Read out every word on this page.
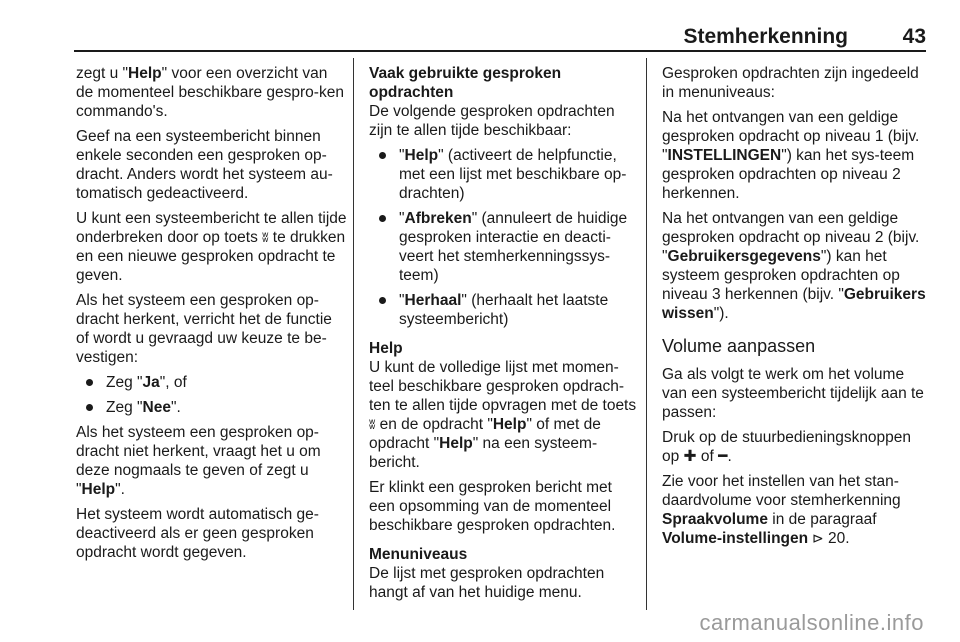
Stemherkenning	43

zegt u "Help" voor een overzicht van de momenteel beschikbare gespro-ken commando's.

Geef na een systeembericht binnen enkele seconden een gesproken op-dracht. Anders wordt het systeem au-tomatisch gedeactiveerd.

U kunt een systeembericht te allen tijde onderbreken door op toets ʬ te drukken en een nieuwe gesproken opdracht te geven.

Als het systeem een gesproken op-dracht herkent, verricht het de functie of wordt u gevraagd uw keuze te be-vestigen:

Zeg "Ja", of
Zeg "Nee".

Als het systeem een gesproken op-dracht niet herkent, vraagt het u om deze nogmaals te geven of zegt u "Help".

Het systeem wordt automatisch ge-deactiveerd als er geen gesproken opdracht wordt gegeven.

Vaak gebruikte gesproken opdrachten

De volgende gesproken opdrachten zijn te allen tijde beschikbaar:

"Help" (activeert de helpfunctie, met een lijst met beschikbare op-drachten)
"Afbreken" (annuleert de huidige gesproken interactie en deacti-veert het stemherkenningssys-teem)
"Herhaal" (herhaalt het laatste systeembericht)
Help

U kunt de volledige lijst met momen-teel beschikbare gesproken opdrach-ten te allen tijde opvragen met de toets ʬ en de opdracht "Help" of met de opdracht "Help" na een systeem-bericht.

Er klinkt een gesproken bericht met een opsomming van de momenteel beschikbare gesproken opdrachten.

Menuniveaus

De lijst met gesproken opdrachten hangt af van het huidige menu.

Gesproken opdrachten zijn ingedeeld in menuniveaus:

Na het ontvangen van een geldige gesproken opdracht op niveau 1 (bijv. "INSTELLINGEN") kan het sys-teem gesproken opdrachten op niveau 2 herkennen.

Na het ontvangen van een geldige gesproken opdracht op niveau 2 (bijv. "Gebruikersgegevens") kan het systeem gesproken opdrachten op niveau 3 herkennen (bijv. "Gebruikers wissen").

Volume aanpassen

Ga als volgt te werk om het volume van een systeembericht tijdelijk aan te passen:

Druk op de stuurbedieningsknoppen op ✚ of ━.

Zie voor het instellen van het stan-daardvolume voor stemherkenning Spraakvolume in de paragraaf Volume-instellingen ⊳ 20.

carmanualsonline.info
